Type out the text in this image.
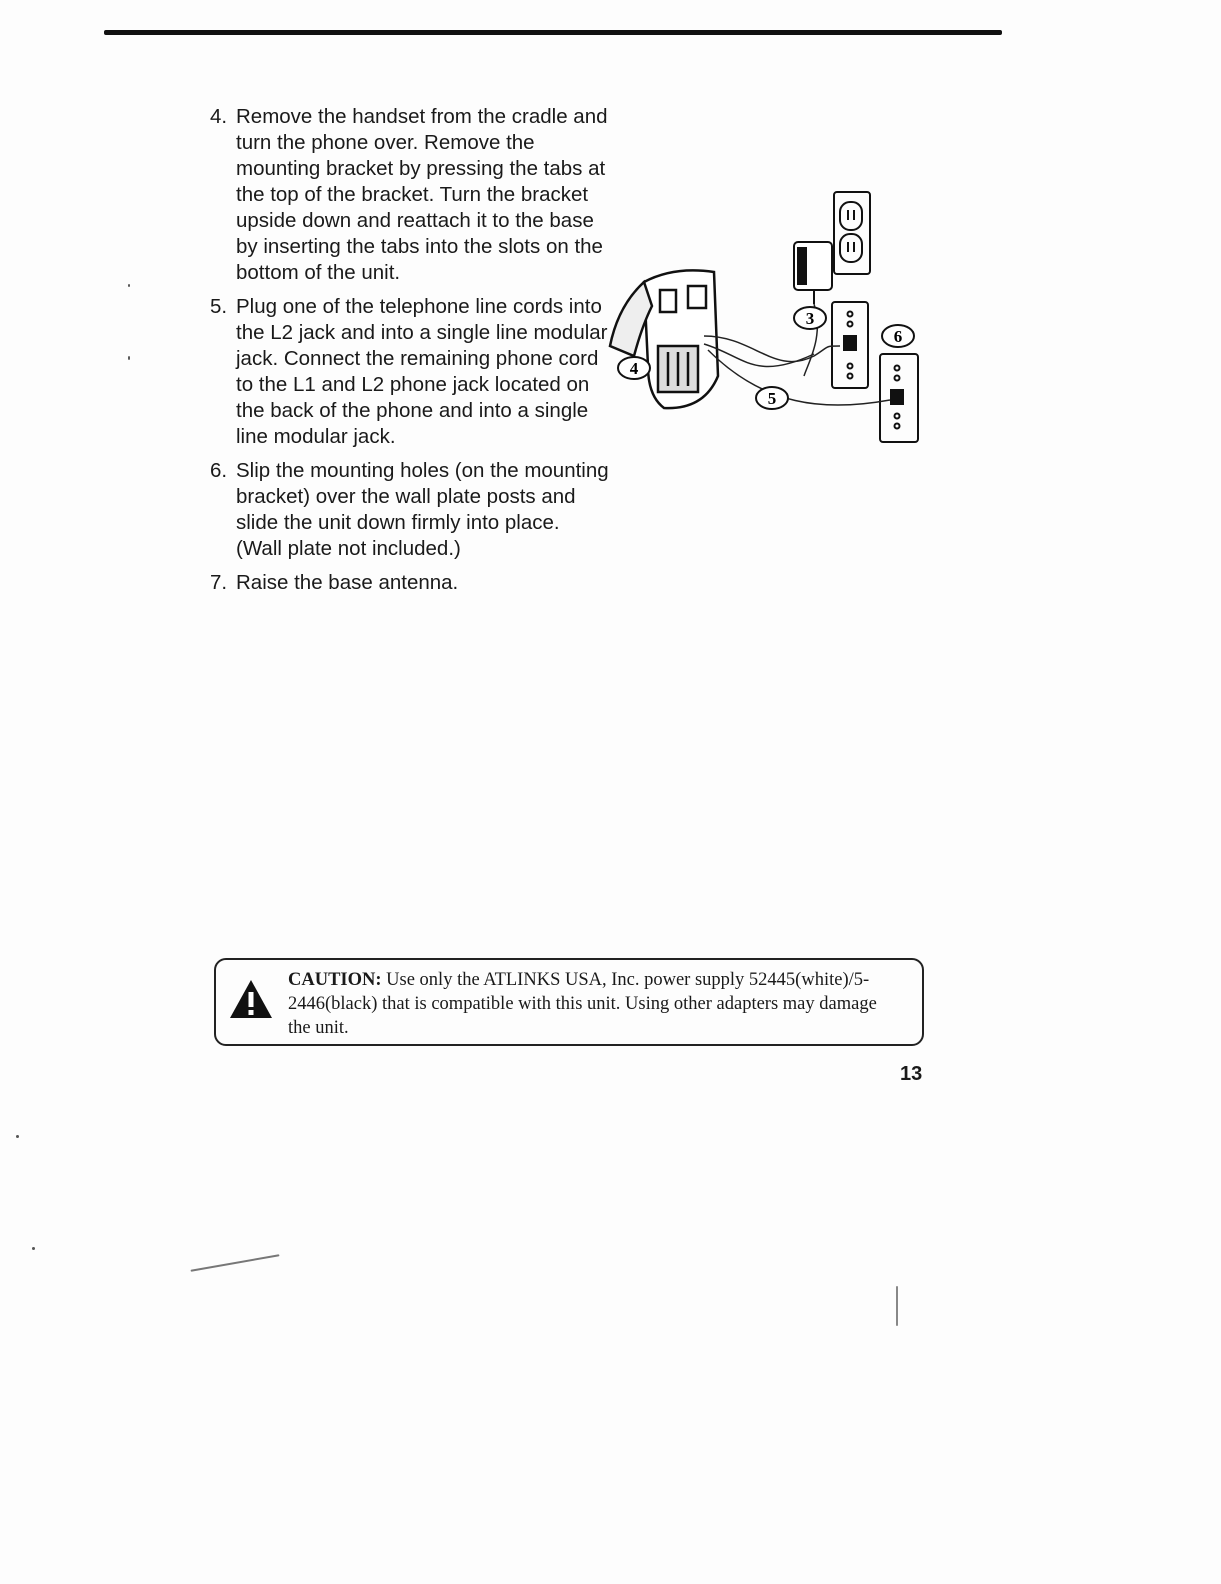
4. Remove the handset from the cradle and turn the phone over. Remove the mounting bracket by pressing the tabs at the top of the bracket. Turn the bracket upside down and reattach it to the base by inserting the tabs into the slots on the bottom of the unit.
5. Plug one of the telephone line cords into the L2 jack and into a single line modular jack. Connect the remaining phone cord to the L1 and L2 phone jack located on the back of the phone and into a single line modular jack.
6. Slip the mounting holes (on the mounting bracket) over the wall plate posts and slide the unit down firmly into place. (Wall plate not included.)
7. Raise the base antenna.
3
4
5
6
CAUTION: Use only the ATLINKS USA, Inc. power supply 52445(white)/5-2446(black) that is compatible with this unit. Using other adapters may damage the unit.
13
